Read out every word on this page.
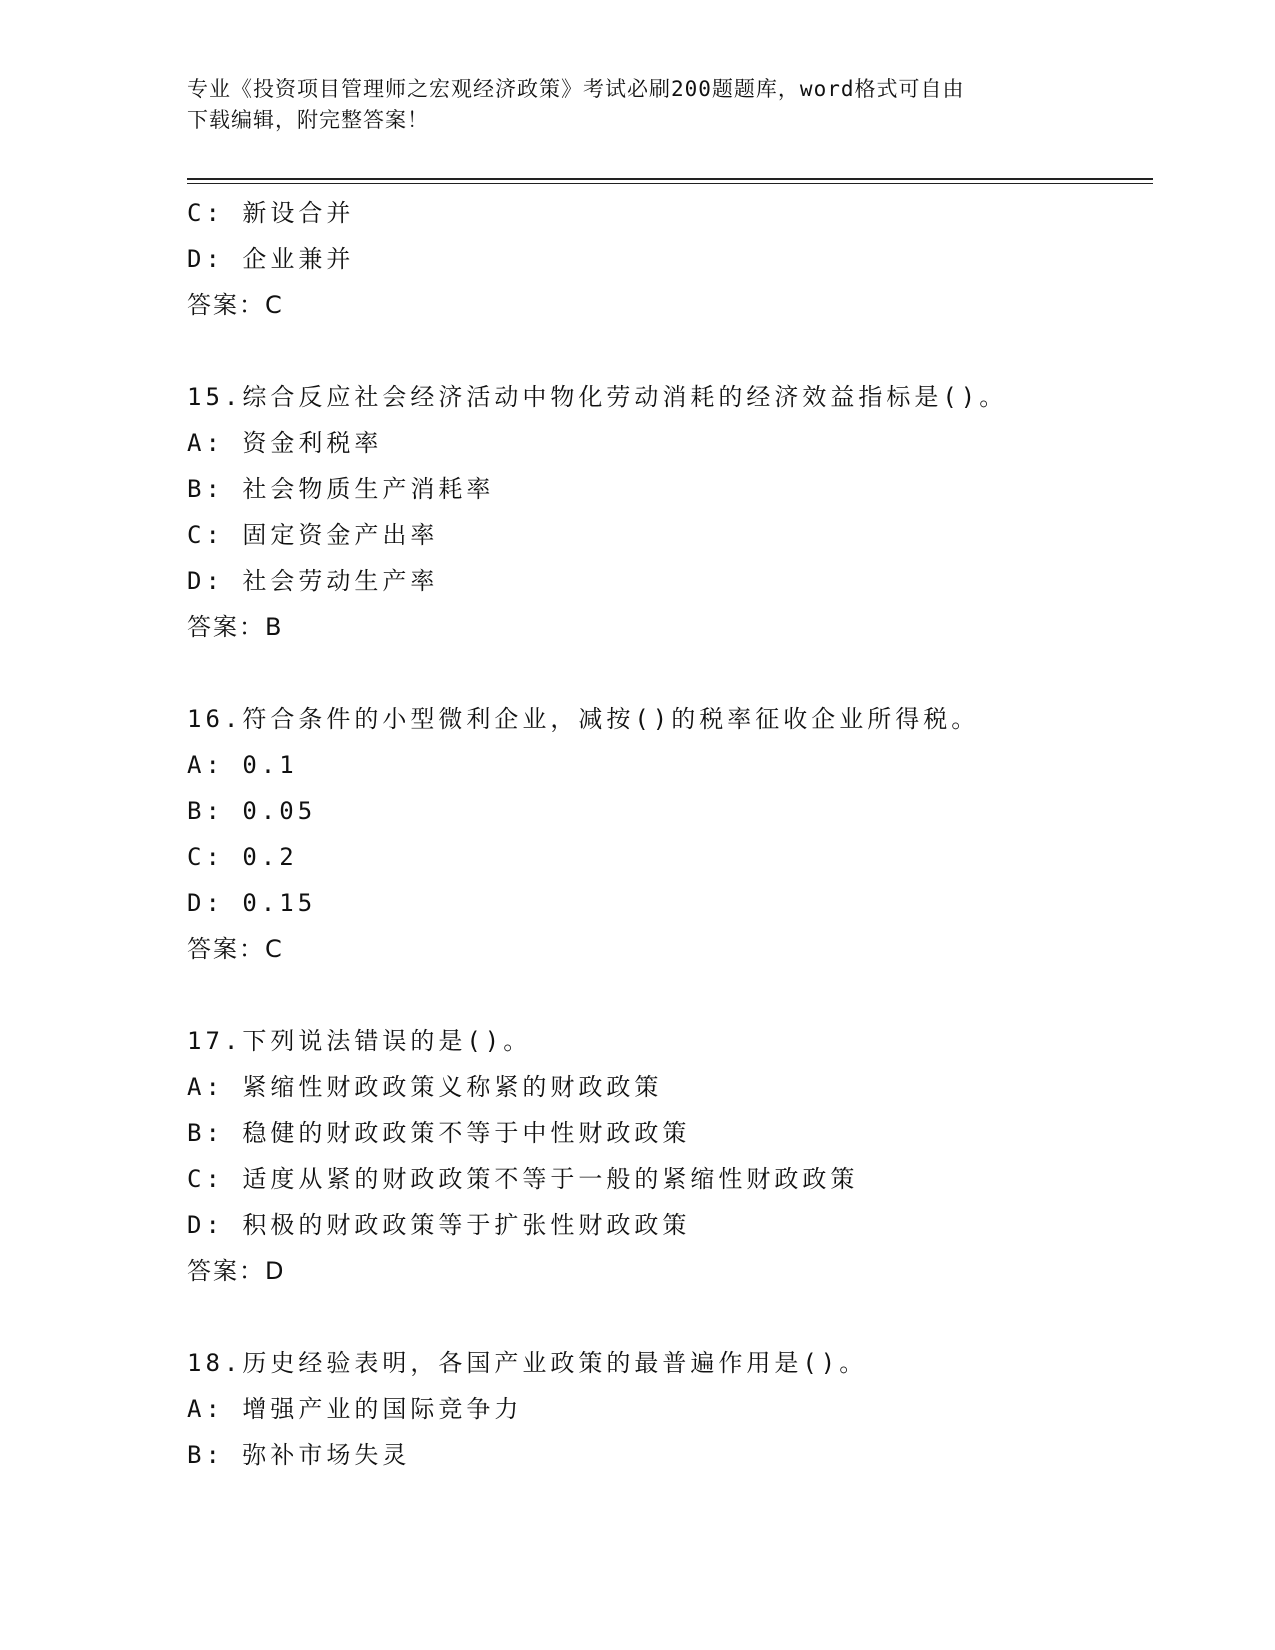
专业《投资项目管理师之宏观经济政策》考试必刷200题题库，word格式可自由
下载编辑，附完整答案！
C: 新设合并
D: 企业兼并
答案：C
15.综合反应社会经济活动中物化劳动消耗的经济效益指标是()。
A: 资金利税率
B: 社会物质生产消耗率
C: 固定资金产出率
D: 社会劳动生产率
答案：B
16.符合条件的小型微利企业，减按()的税率征收企业所得税。
A: 0.1
B: 0.05
C: 0.2
D: 0.15
答案：C
17.下列说法错误的是()。
A: 紧缩性财政政策义称紧的财政政策
B: 稳健的财政政策不等于中性财政政策
C: 适度从紧的财政政策不等于一般的紧缩性财政政策
D: 积极的财政政策等于扩张性财政政策
答案：D
18.历史经验表明，各国产业政策的最普遍作用是()。
A: 增强产业的国际竞争力
B: 弥补市场失灵
